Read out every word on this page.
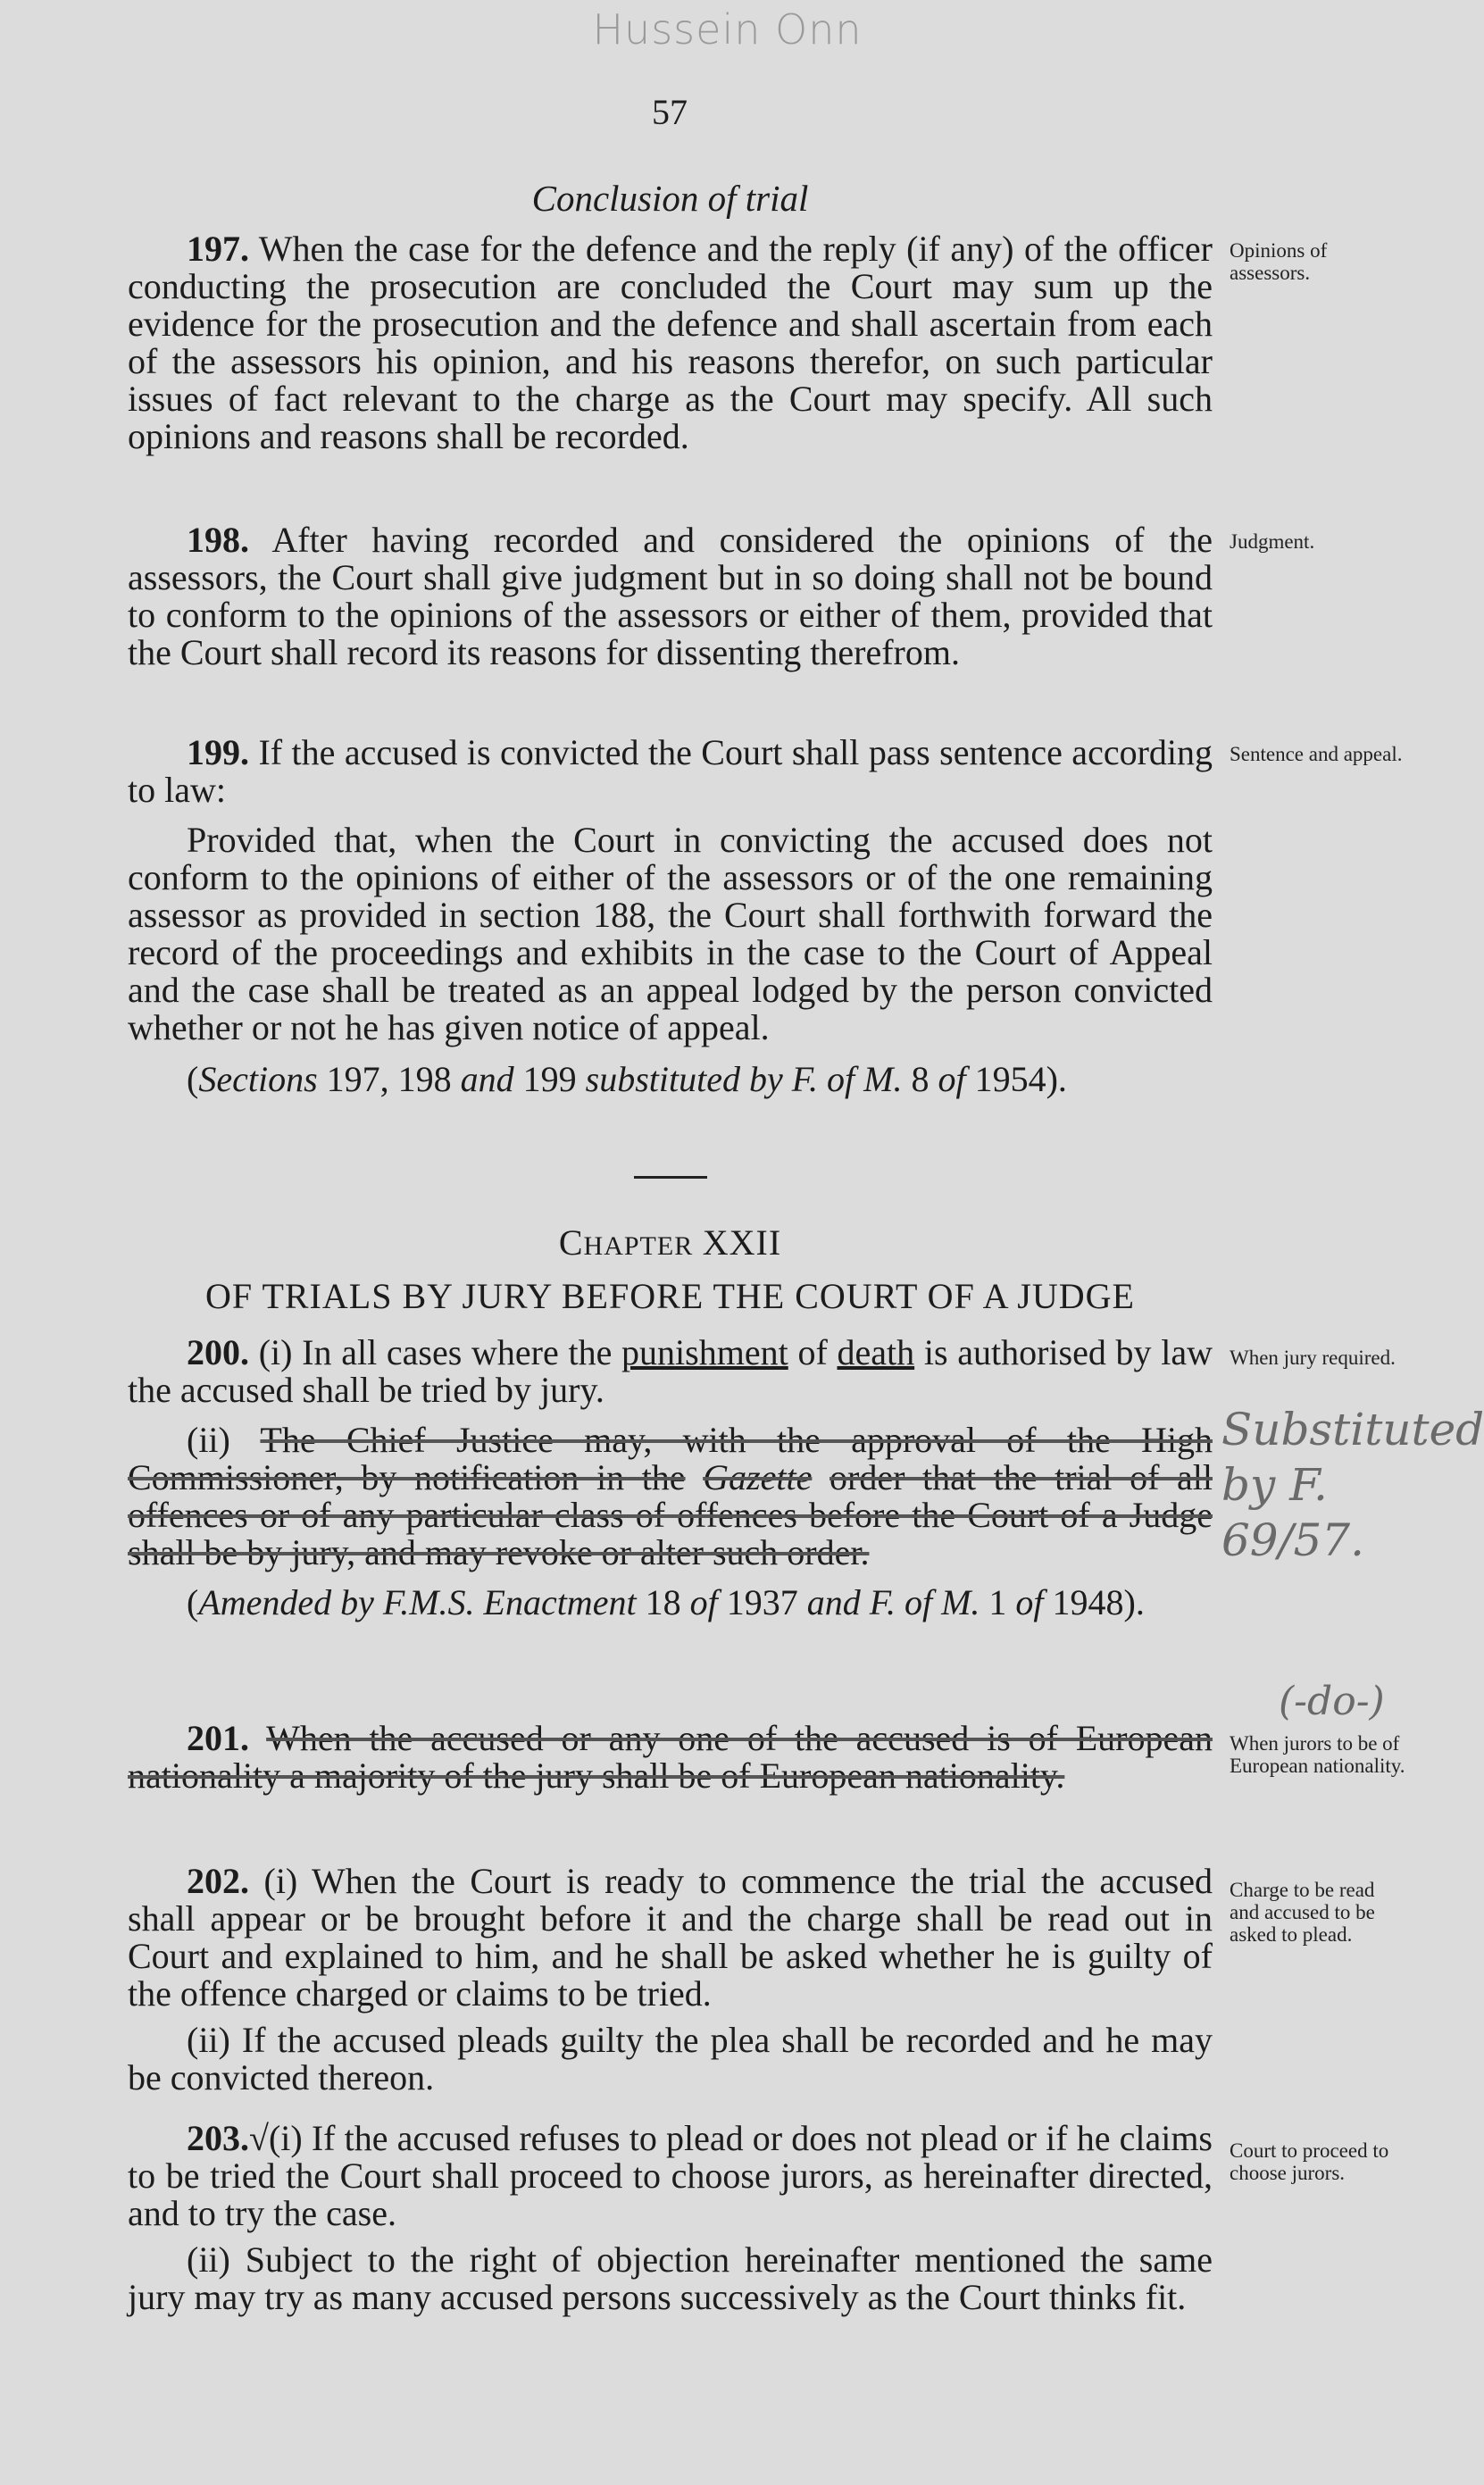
Hussein Onn
57
Conclusion of trial

197. When the case for the defence and the reply (if any) of the officer conducting the prosecution are concluded the Court may sum up the evidence for the prosecution and the defence and shall ascertain from each of the assessors his opinion, and his reasons therefor, on such particular issues of fact relevant to the charge as the Court may specify. All such opinions and reasons shall be recorded.

Opinions of assessors.

198. After having recorded and considered the opinions of the assessors, the Court shall give judgment but in so doing shall not be bound to conform to the opinions of the assessors or either of them, provided that the Court shall record its reasons for dissenting therefrom.

Judgment.

199. If the accused is convicted the Court shall pass sentence according to law:

Provided that, when the Court in convicting the accused does not conform to the opinions of either of the assessors or of the one remaining assessor as provided in section 188, the Court shall forthwith forward the record of the proceedings and exhibits in the case to the Court of Appeal and the case shall be treated as an appeal lodged by the person convicted whether or not he has given notice of appeal.

(Sections 197, 198 and 199 substituted by F. of M. 8 of 1954).

Sentence and appeal.
CHAPTER XXII
OF TRIALS BY JURY BEFORE THE COURT OF A JUDGE

200. (i) In all cases where the punishment of death is authorised by law the accused shall be tried by jury.

(ii) The Chief Justice may, with the approval of the High Commissioner, by notification in the Gazette order that the trial of all offences or of any particular class of offences before the Court of a Judge shall be by jury, and may revoke or alter such order.

(Amended by F.M.S. Enactment 18 of 1937 and F. of M. 1 of 1948).

When jury required.
Substituted by F. 69/57.

201. When the accused or any one of the accused is of European nationality a majority of the jury shall be of European nationality.

When jurors to be of European nationality.
(-do-)

202. (i) When the Court is ready to commence the trial the accused shall appear or be brought before it and the charge shall be read out in Court and explained to him, and he shall be asked whether he is guilty of the offence charged or claims to be tried.

(ii) If the accused pleads guilty the plea shall be recorded and he may be convicted thereon.

Charge to be read and accused to be asked to plead.

203.√(i) If the accused refuses to plead or does not plead or if he claims to be tried the Court shall proceed to choose jurors, as hereinafter directed, and to try the case.

(ii) Subject to the right of objection hereinafter mentioned the same jury may try as many accused persons successively as the Court thinks fit.

Court to proceed to choose jurors.
